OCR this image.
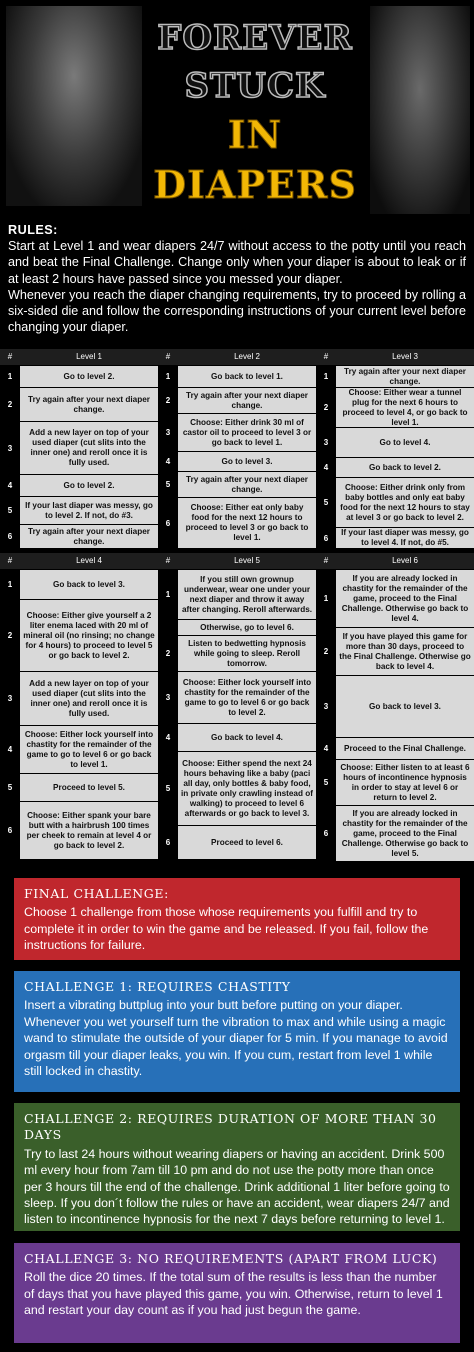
FOREVER
STUCK
IN
DIAPERS
RULES:

Start at Level 1 and wear diapers 24/7 without access to the potty until you reach and beat the Final Challenge. Change only when your diaper is about to leak or if at least 2 hours have passed since you messed your diaper.

Whenever you reach the diaper changing requirements, try to proceed by rolling a six-sided die and follow the corresponding instructions of your current level before changing your diaper.

#	Level 1
1	Go to level 2.
2
Try again after your next diaper change.
3
Add a new layer on top of your used diaper (cut slits into the inner one) and reroll once it is fully used.
4	Go to level 2.
5
If your last diaper was messy, go to level 2. If not, do #3.
6
Try again after your next diaper change.
#	Level 2
1	Go back to level 1.
2
Try again after your next diaper change.
3
Choose: Either drink 30 ml of castor oil to proceed to level 3 or go back to level 1.
4	Go to level 3.
5
Try again after your next diaper change.
6
Choose: Either eat only baby food for the next 12 hours to proceed to level 3 or go back to level 1.
#	Level 3
1
Try again after your next diaper change.
2
Choose: Either wear a tunnel plug for the next 6 hours to proceed to level 4, or go back to level 1.
3	Go to level 4.
4	Go back to level 2.
5
Choose: Either drink only from baby bottles and only eat baby food for the next 12 hours to stay at level 3 or go back to level 2.
6
If your last diaper was messy, go to level 4. If not, do #5.
#	Level 4
1	Go back to level 3.
2
Choose: Either give yourself a 2 liter enema laced with 20 ml of mineral oil (no rinsing; no change for 4 hours) to proceed to level 5 or go back to level 2.
3
Add a new layer on top of your used diaper (cut slits into the inner one) and reroll once it is fully used.
4
Choose: Either lock yourself into chastity for the remainder of the game to go to level 6 or go back to level 1.
5	Proceed to level 5.
6
Choose: Either spank your bare butt with a hairbrush 100 times per cheek to remain at level 4 or go back to level 2.
#	Level 5
1
If you still own grownup underwear, wear one under your next diaper and throw it away after changing. Reroll afterwards.
Otherwise, go to level 6.
2
Listen to bedwetting hypnosis while going to sleep. Reroll tomorrow.
3
Choose: Either lock yourself into chastity for the remainder of the game to go to level 6 or go back to level 2.
4	Go back to level 4.
5
Choose: Either spend the next 24 hours behaving like a baby (paci all day, only bottles & baby food, in private only crawling instead of walking) to proceed to level 6 afterwards or go back to level 3.
6	Proceed to level 6.
#	Level 6
1
If you are already locked in chastity for the remainder of the game, proceed to the Final Challenge. Otherwise go back to level 4.
2
If you have played this game for more than 30 days, proceed to the Final Challenge. Otherwise go back to level 4.
3	Go back to level 3.
4	Proceed to the Final Challenge.
5
Choose: Either listen to at least 6 hours of incontinence hypnosis in order to stay at level 6 or return to level 2.
6
If you are already locked in chastity for the remainder of the game, proceed to the Final Challenge. Otherwise go back to level 5.
FINAL CHALLENGE:

Choose 1 challenge from those whose requirements you fulfill and try to complete it in order to win the game and be released. If you fail, follow the instructions for failure.

CHALLENGE 1: REQUIRES CHASTITY

Insert a vibrating buttplug into your butt before putting on your diaper. Whenever you wet yourself turn the vibration to max and while using a magic wand to stimulate the outside of your diaper for 5 min. If you manage to avoid orgasm till your diaper leaks, you win. If you cum, restart from level 1 while still locked in chastity.

CHALLENGE 2: REQUIRES DURATION OF MORE THAN 30 DAYS

Try to last 24 hours without wearing diapers or having an accident. Drink 500 ml every hour from 7am till 10 pm and do not use the potty more than once per 3 hours till the end of the challenge. Drink additional 1 liter before going to sleep. If you don´t follow the rules or have an accident, wear diapers 24/7 and listen to incontinence hypnosis for the next 7 days before returning to level 1.

CHALLENGE 3: NO REQUIREMENTS (APART FROM LUCK)

Roll the dice 20 times. If the total sum of the results is less than the number of days that you have played this game, you win. Otherwise, return to level 1 and restart your day count as if you had just begun the game.
